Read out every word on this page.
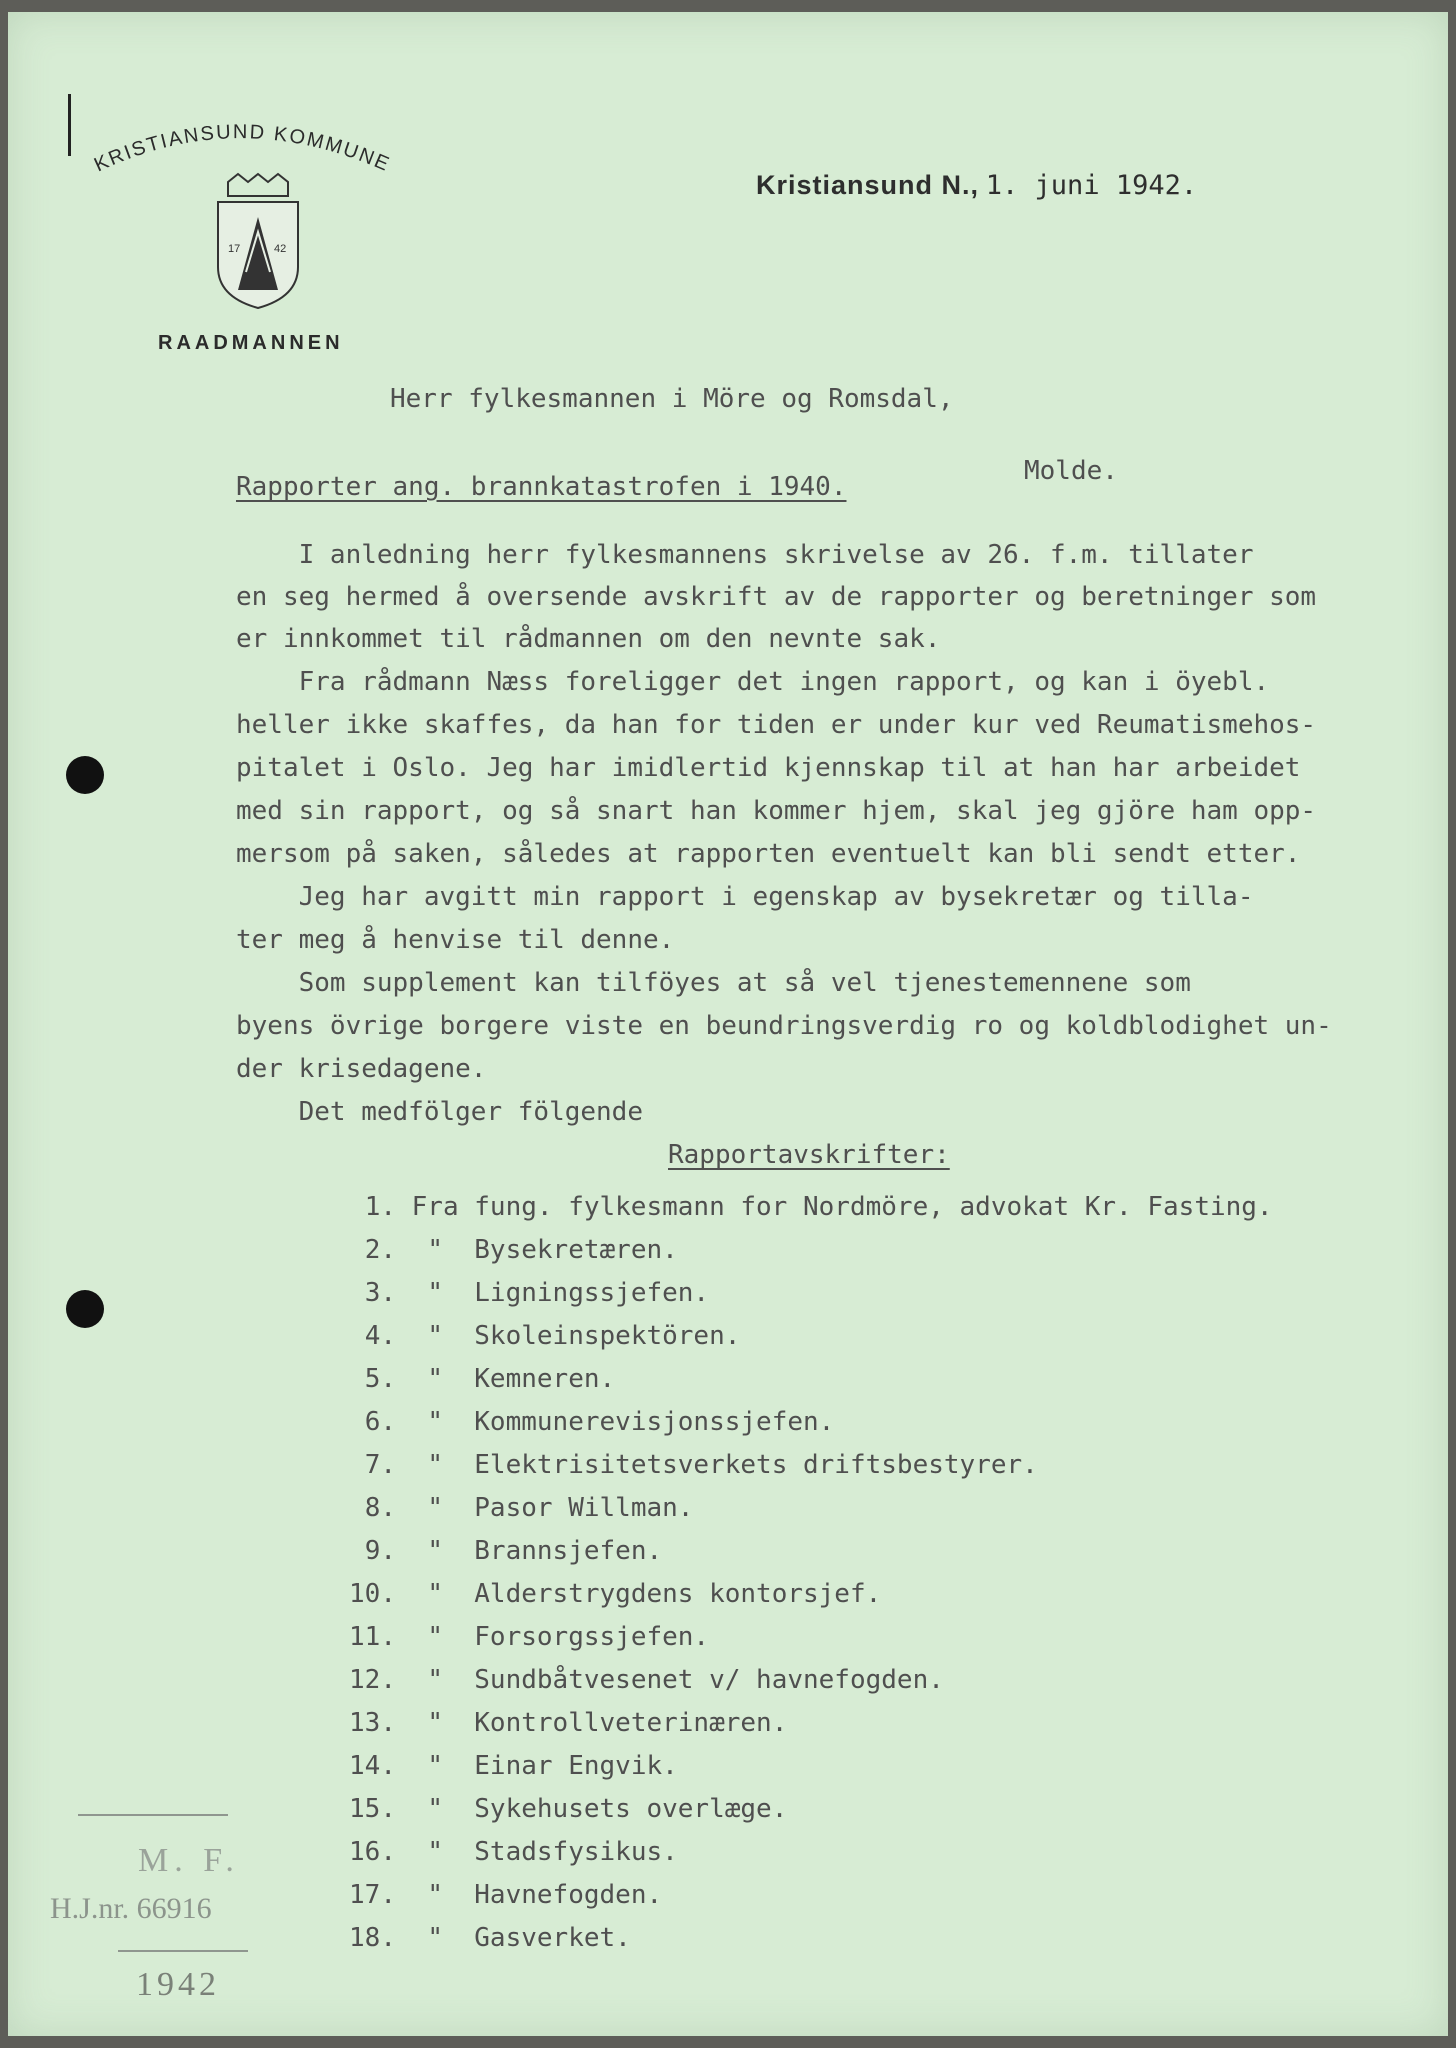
KRISTIANSUND KOMMUNE
17	42
RAADMANNEN
Kristiansund N., 1. juni 1942.
Herr fylkesmannen i Möre og Romsdal,
Molde.
Rapporter ang. brannkatastrofen i 1940.
I anledning herr fylkesmannens skrivelse av 26. f.m. tillater
en seg hermed å oversende avskrift av de rapporter og beretninger som
er innkommet til rådmannen om den nevnte sak.
Fra rådmann Næss foreligger det ingen rapport, og kan i öyebl.
heller ikke skaffes, da han for tiden er under kur ved Reumatismehos-
pitalet i Oslo. Jeg har imidlertid kjennskap til at han har arbeidet
med sin rapport, og så snart han kommer hjem, skal jeg gjöre ham opp-
mersom på saken, således at rapporten eventuelt kan bli sendt etter.
Jeg har avgitt min rapport i egenskap av bysekretær og tilla-
ter meg å henvise til denne.
Som supplement kan tilföyes at så vel tjenestemennene som
byens övrige borgere viste en beundringsverdig ro og koldblodighet un-
der krisedagene.
Det medfölger fölgende
Rapportavskrifter:
1. Fra fung. fylkesmann for Nordmöre, advokat Kr. Fasting.
2. " Bysekretæren.
3. " Ligningssjefen.
4. " Skoleinspektören.
5. " Kemneren.
6. " Kommunerevisjonssjefen.
7. " Elektrisitetsverkets driftsbestyrer.
8. " Pasor Willman.
9. " Brannsjefen.
10. " Alderstrygdens kontorsjef.
11. " Forsorgssjefen.
12. " Sundbåtvesenet v/ havnefogden.
13. " Kontrollveterinæren.
14. " Einar Engvik.
15. " Sykehusets overlæge.
16. " Stadsfysikus.
17. " Havnefogden.
18. " Gasverket.
M. F.
H.J.nr. 66916
1942
